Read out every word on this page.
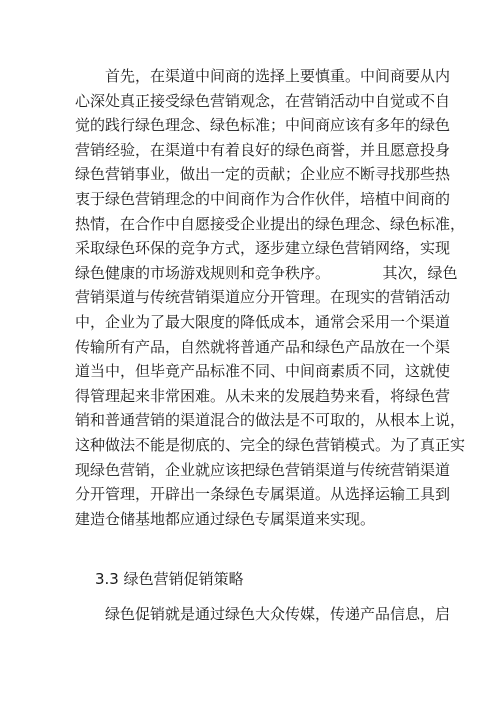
首先，在渠道中间商的选择上要慎重。中间商要从内
心深处真正接受绿色营销观念，在营销活动中自觉或不自
觉的践行绿色理念、绿色标准；中间商应该有多年的绿色
营销经验，在渠道中有着良好的绿色商誉，并且愿意投身
绿色营销事业，做出一定的贡献；企业应不断寻找那些热
衷于绿色营销理念的中间商作为合作伙伴，培植中间商的
热情，在合作中自愿接受企业提出的绿色理念、绿色标准，
采取绿色环保的竞争方式，逐步建立绿色营销网络，实现
绿色健康的市场游戏规则和竞争秩序。　　　　其次，绿色
营销渠道与传统营销渠道应分开管理。在现实的营销活动
中，企业为了最大限度的降低成本，通常会采用一个渠道
传输所有产品，自然就将普通产品和绿色产品放在一个渠
道当中，但毕竟产品标准不同、中间商素质不同，这就使
得管理起来非常困难。从未来的发展趋势来看，将绿色营
销和普通营销的渠道混合的做法是不可取的，从根本上说，
这种做法不能是彻底的、完全的绿色营销模式。为了真正实
现绿色营销，企业就应该把绿色营销渠道与传统营销渠道
分开管理，开辟出一条绿色专属渠道。从选择运输工具到
建造仓储基地都应通过绿色专属渠道来实现。
3.3 绿色营销促销策略
绿色促销就是通过绿色大众传媒，传递产品信息，启
